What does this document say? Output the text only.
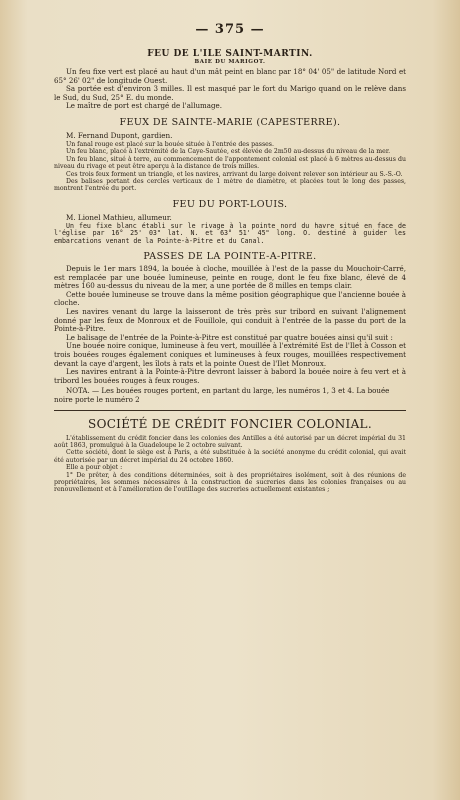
— 375 —

FEU DE L'ILE SAINT-MARTIN.

BAIE DU MARIGOT.

Un feu fixe vert est placé au haut d'un mât peint en blanc par 18° 04' 05" de latitude Nord et 65° 26' 02" de longitude Ouest.

Sa portée est d'environ 3 milles. Il est masqué par le fort du Marigo quand on le relève dans le Sud, du Sud, 25° E. du monde.

Le maître de port est chargé de l'allumage.

FEUX DE SAINTE-MARIE (CAPESTERRE).

M. Fernand Dupont, gardien.

Un fanal rouge est placé sur la bouée située à l'entrée des passes.

Un feu blanc, placé à l'extrémité de la Caye-Sautée, est élevée de 2m50 au-dessus du niveau de la mer.

Un feu blanc, situé à terre, au commencement de l'appontement colonial est placé à 6 mètres au-dessus du niveau du rivage et peut être aperçu à la distance de trois milles.

Ces trois feux forment un triangle, et les navires, arrivant du large doivent relever son intérieur au S.-S.-O.

Des balises portant des cercles verticaux de 1 mètre de diamètre, et placées tout le long des passes, montrent l'entrée du port.

FEU DU PORT-LOUIS.

M. Lionel Mathieu, allumeur.

Un feu fixe blanc établi sur le rivage à la pointe nord du havre situé en face de l'église par 16° 25' 03" lat. N. et 63° 51' 45" long. O. destiné à guider les embarcations venant de la Pointe-à-Pitre et du Canal.

PASSES DE LA POINTE-A-PITRE.

Depuis le 1er mars 1894, la bouée à cloche, mouillée à l'est de la passe du Mouchoir-Carré, est remplacée par une bouée lumineuse, peinte en rouge, dont le feu fixe blanc, élevé de 4 mètres 160 au-dessus du niveau de la mer, a une portée de 8 milles en temps clair.

Cette bouée lumineuse se trouve dans la même position géographique que l'ancienne bouée à cloche.

Les navires venant du large la laisseront de très près sur tribord en suivant l'alignement donné par les feux de Monroux et de Fouillole, qui conduit à l'entrée de la passe du port de la Pointe-à-Pitre.

Le balisage de l'entrée de la Pointe-à-Pitre est constitué par quatre bouées ainsi qu'il suit :

Une bouée noire conique, lumineuse à feu vert, mouillée à l'extrémité Est de l'Ilet à Cosson et trois bouées rouges également coniques et lumineuses à feux rouges, mouillées respectivement devant la caye d'argent, les îlots à rats et la pointe Ouest de l'Ilet Monroux.

Les navires entrant à la Pointe-à-Pitre devront laisser à babord la bouée noire à feu vert et à tribord les bouées rouges à feux rouges.

NOTA. — Les bouées rouges portent, en partant du large, les numéros 1, 3 et 4. La bouée noire porte le numéro 2

SOCIÉTÉ DE CRÉDIT FONCIER COLONIAL.

L'établissement du crédit foncier dans les colonies des Antilles a été autorisé par un décret impérial du 31 août 1863, promulgué à la Guadeloupe le 2 octobre suivant.

Cette société, dont le siège est à Paris, a été substituée à la société anonyme du crédit colonial, qui avait été autorisée par un décret impérial du 24 octobre 1860.

Elle a pour objet :

1° De prêter, à des conditions déterminées, soit à des propriétaires isolément, soit à des réunions de propriétaires, les sommes nécessaires à la construction de sucreries dans les colonies françaises ou au renouvellement et à l'amélioration de l'outillage des sucreries actuellement existantes ;
